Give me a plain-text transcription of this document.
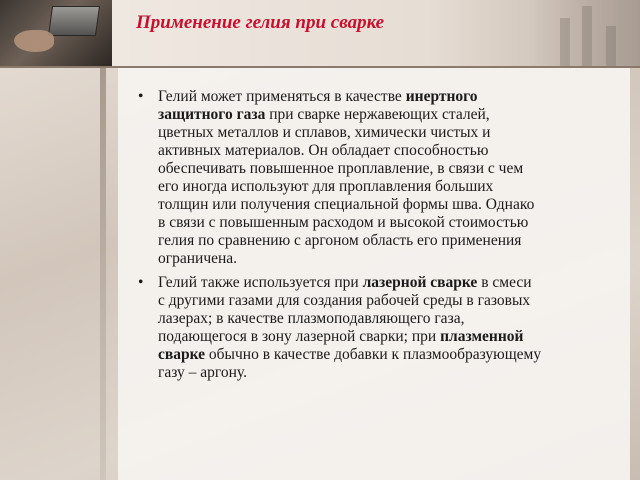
Применение гелия при сварке
• Гелий может применяться в качестве инертного защитного газа при сварке нержавеющих сталей, цветных металлов и сплавов, химически чистых и активных материалов. Он обладает способностью обеспечивать повышенное проплавление, в связи с чем его иногда используют для проплавления больших толщин или получения специальной формы шва. Однако в связи с повышенным расходом и высокой стоимостью гелия по сравнению с аргоном область его применения ограничена.
• Гелий также используется при лазерной сварке в смеси с другими газами для создания рабочей среды в газовых лазерах; в качестве плазмоподавляющего газа, подающегося в зону лазерной сварки; при плазменной сварке обычно в качестве добавки к плазмообразующему газу – аргону.
